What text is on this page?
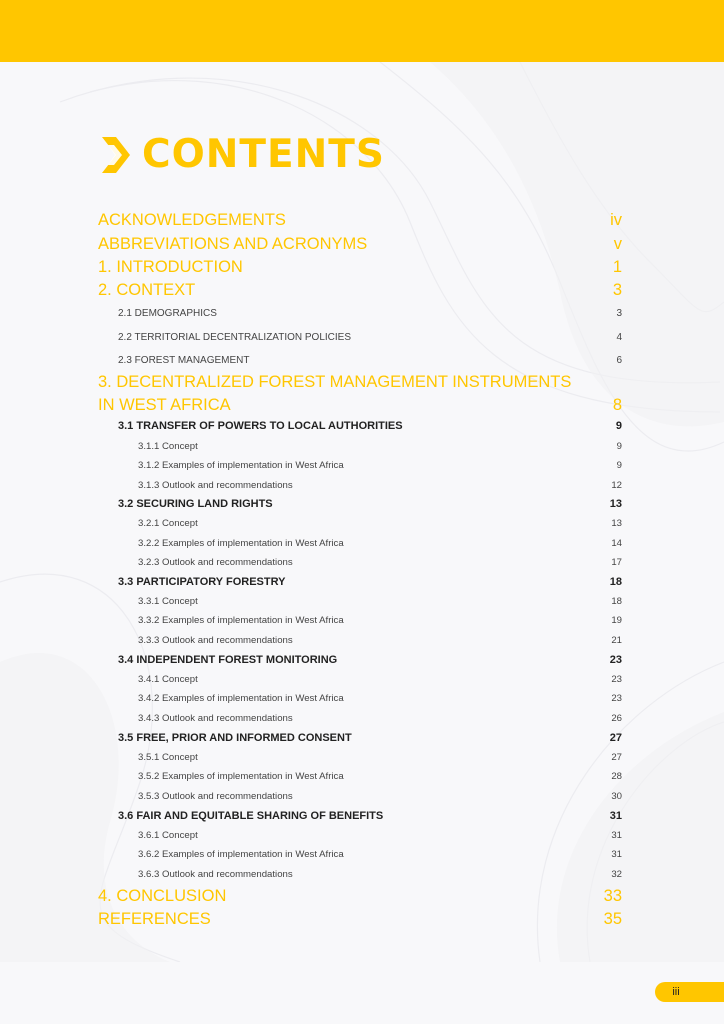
CONTENTS
ACKNOWLEDGEMENTS	iv
ABBREVIATIONS AND ACRONYMS	v
1. INTRODUCTION	1
2. CONTEXT	3
2.1 DEMOGRAPHICS	3
2.2 TERRITORIAL DECENTRALIZATION POLICIES	4
2.3 FOREST MANAGEMENT	6
3. DECENTRALIZED FOREST MANAGEMENT INSTRUMENTS
IN WEST AFRICA	8
3.1 TRANSFER OF POWERS TO LOCAL AUTHORITIES	9
3.1.1 Concept	9
3.1.2 Examples of implementation in West Africa	9
3.1.3 Outlook and recommendations	12
3.2 SECURING LAND RIGHTS	13
3.2.1 Concept	13
3.2.2 Examples of implementation in West Africa	14
3.2.3 Outlook and recommendations	17
3.3 PARTICIPATORY FORESTRY	18
3.3.1 Concept	18
3.3.2 Examples of implementation in West Africa	19
3.3.3 Outlook and recommendations	21
3.4 INDEPENDENT FOREST MONITORING	23
3.4.1 Concept	23
3.4.2 Examples of implementation in West Africa	23
3.4.3 Outlook and recommendations	26
3.5 FREE, PRIOR AND INFORMED CONSENT	27
3.5.1 Concept	27
3.5.2 Examples of implementation in West Africa	28
3.5.3 Outlook and recommendations	30
3.6 FAIR AND EQUITABLE SHARING OF BENEFITS	31
3.6.1 Concept	31
3.6.2 Examples of implementation in West Africa	31
3.6.3 Outlook and recommendations	32
4. CONCLUSION	33
REFERENCES	35
iii
